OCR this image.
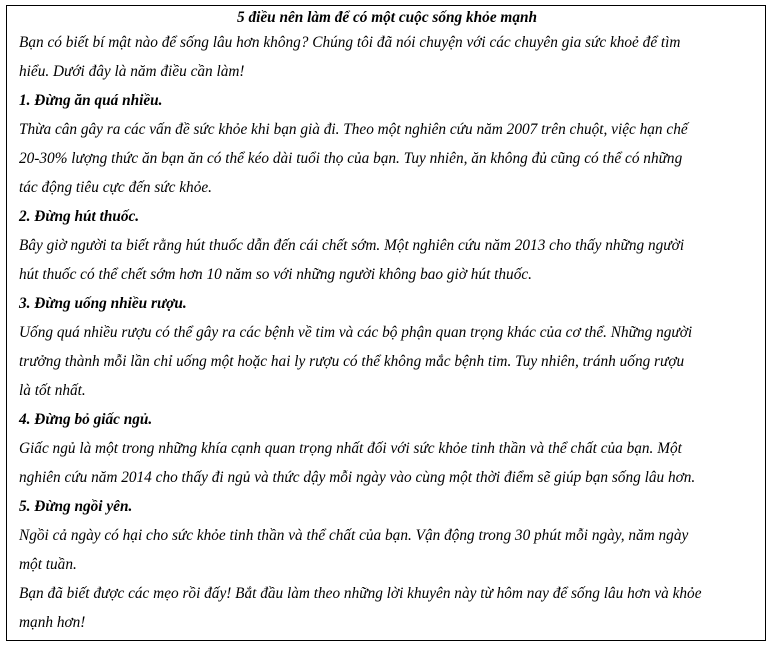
5 điều nên làm để có một cuộc sống khỏe mạnh

Bạn có biết bí mật nào để sống lâu hơn không? Chúng tôi đã nói chuyện với các chuyên gia sức khoẻ để tìm
hiểu. Dưới đây là năm điều cần làm!

1. Đừng ăn quá nhiều.

Thừa cân gây ra các vấn đề sức khỏe khi bạn già đi. Theo một nghiên cứu năm 2007 trên chuột, việc hạn chế
20-30% lượng thức ăn bạn ăn có thể kéo dài tuổi thọ của bạn. Tuy nhiên, ăn không đủ cũng có thể có những
tác động tiêu cực đến sức khỏe.

2. Đừng hút thuốc.

Bây giờ người ta biết rằng hút thuốc dẫn đến cái chết sớm. Một nghiên cứu năm 2013 cho thấy những người
hút thuốc có thể chết sớm hơn 10 năm so với những người không bao giờ hút thuốc.

3. Đừng uống nhiều rượu.

Uống quá nhiều rượu có thể gây ra các bệnh về tim và các bộ phận quan trọng khác của cơ thể. Những người
trưởng thành mỗi lần chỉ uống một hoặc hai ly rượu có thể không mắc bệnh tim. Tuy nhiên, tránh uống rượu
là tốt nhất.

4. Đừng bỏ giấc ngủ.

Giấc ngủ là một trong những khía cạnh quan trọng nhất đối với sức khỏe tinh thần và thể chất của bạn. Một
nghiên cứu năm 2014 cho thấy đi ngủ và thức dậy mỗi ngày vào cùng một thời điểm sẽ giúp bạn sống lâu hơn.

5. Đừng ngồi yên.

Ngồi cả ngày có hại cho sức khỏe tinh thần và thể chất của bạn. Vận động trong 30 phút mỗi ngày, năm ngày
một tuần.

Bạn đã biết được các mẹo rồi đấy! Bắt đầu làm theo những lời khuyên này từ hôm nay để sống lâu hơn và khỏe
mạnh hơn!
